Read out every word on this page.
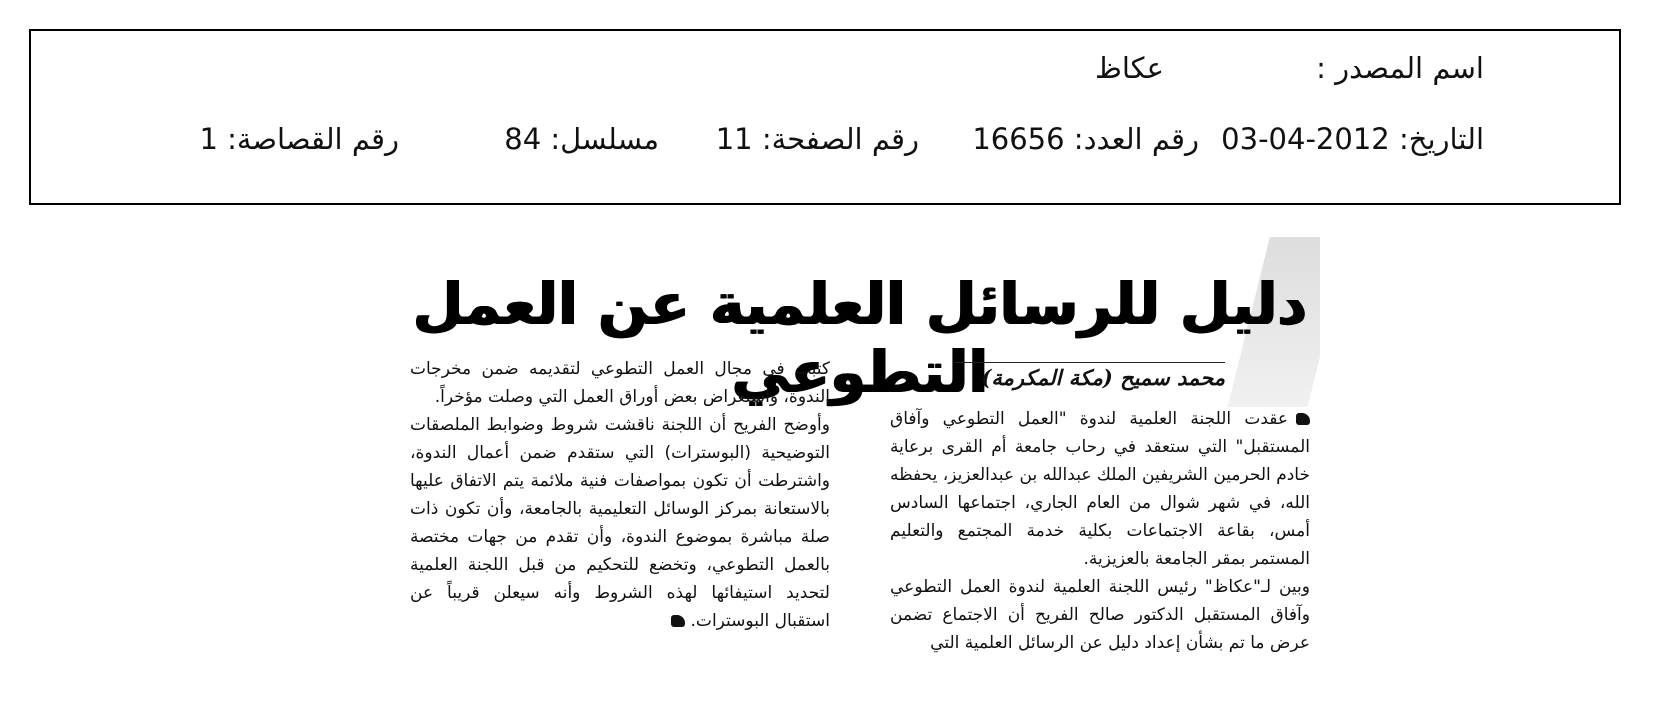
اسم المصدر :
عكاظ
التاريخ: 2012-04-03
رقم العدد: 16656
رقم الصفحة: 11
مسلسل: 84
رقم القصاصة: 1
دليل للرسائل العلمية عن العمل التطوعي
محمد سميح (مكة المكرمة)

عقدت اللجنة العلمية لندوة "العمل التطوعي وآفاق المستقبل" التي ستعقد في رحاب جامعة أم القرى برعاية خادم الحرمين الشريفين الملك عبدالله بن عبدالعزيز، يحفظه الله، في شهر شوال من العام الجاري، اجتماعها السادس أمس، بقاعة الاجتماعات بكلية خدمة المجتمع والتعليم المستمر بمقر الجامعة بالعزيزية.

وبين لـ"عكاظ" رئيس اللجنة العلمية لندوة العمل التطوعي وآفاق المستقبل الدكتور صالح الفريح أن الاجتماع تضمن عرض ما تم بشأن إعداد دليل عن الرسائل العلمية التي

كتبت في مجال العمل التطوعي لتقديمه ضمن مخرجات الندوة، واستعراض بعض أوراق العمل التي وصلت مؤخراً.

وأوضح الفريح أن اللجنة ناقشت شروط وضوابط الملصقات التوضيحية (البوسترات) التي ستقدم ضمن أعمال الندوة، واشترطت أن تكون بمواصفات فنية ملائمة يتم الاتفاق عليها بالاستعانة بمركز الوسائل التعليمية بالجامعة، وأن تكون ذات صلة مباشرة بموضوع الندوة، وأن تقدم من جهات مختصة بالعمل التطوعي، وتخضع للتحكيم من قبل اللجنة العلمية لتحديد استيفائها لهذه الشروط وأنه سيعلن قريباً عن استقبال البوسترات.
